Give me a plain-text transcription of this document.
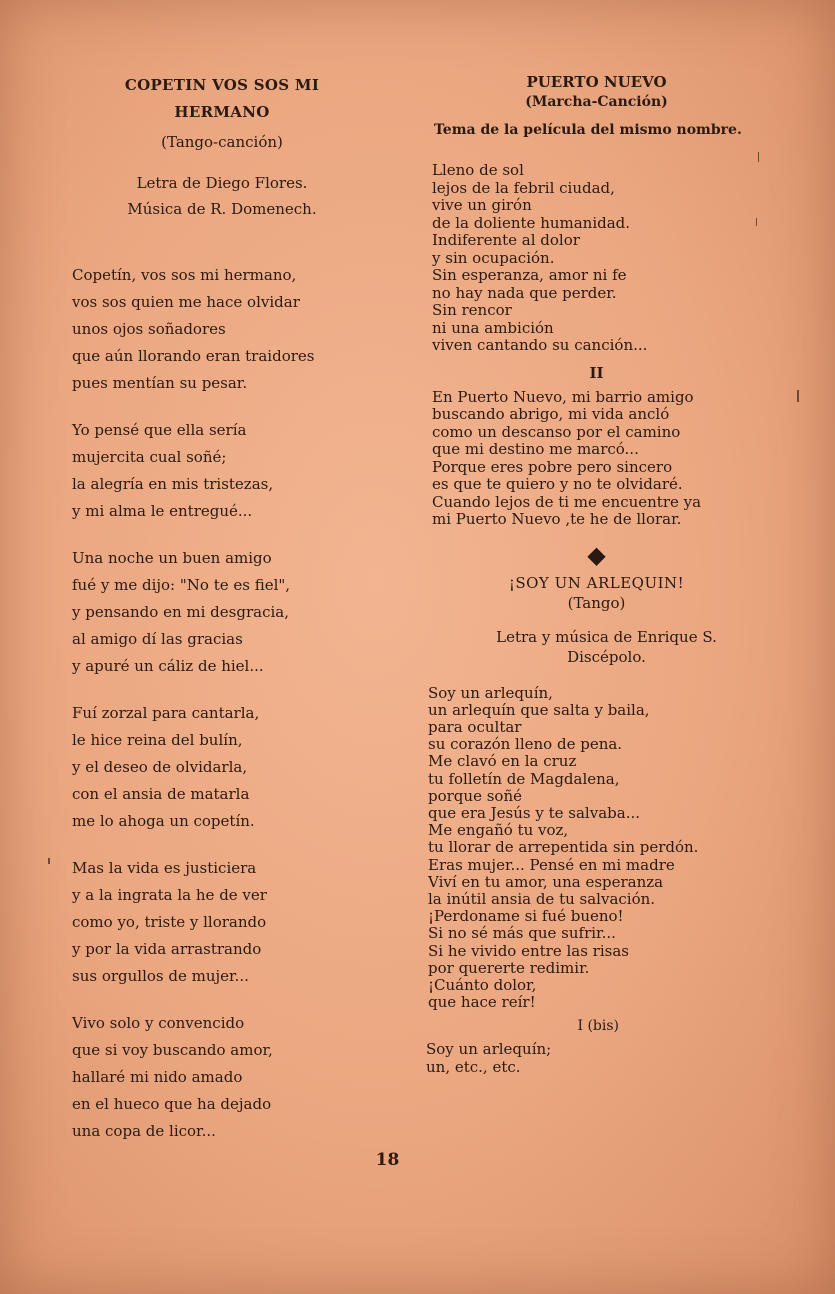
COPETIN VOS SOS MI
HERMANO
(Tango-canción)
Letra de Diego Flores.
Música de R. Domenech.
Copetín, vos sos mi hermano,
vos sos quien me hace olvidar
unos ojos soñadores
que aún llorando eran traidores
pues mentían su pesar.
Yo pensé que ella sería
mujercita cual soñé;
la alegría en mis tristezas,
y mi alma le entregué...
Una noche un buen amigo
fué y me dijo: "No te es fiel",
y pensando en mi desgracia,
al amigo dí las gracias
y apuré un cáliz de hiel...
Fuí zorzal para cantarla,
le hice reina del bulín,
y el deseo de olvidarla,
con el ansia de matarla
me lo ahoga un copetín.
Mas la vida es justiciera
y a la ingrata la he de ver
como yo, triste y llorando
y por la vida arrastrando
sus orgullos de mujer...
Vivo solo y convencido
que si voy buscando amor,
hallaré mi nido amado
en el hueco que ha dejado
una copa de licor...
PUERTO NUEVO
(Marcha-Canción)
Tema de la película del mismo nombre.
Lleno de sol
lejos de la febril ciudad,
vive un girón
de la doliente humanidad.
Indiferente al dolor
y sin ocupación.
Sin esperanza, amor ni fe
no hay nada que perder.
Sin rencor
ni una ambición
viven cantando su canción...
II
En Puerto Nuevo, mi barrio amigo
buscando abrigo, mi vida ancló
como un descanso por el camino
que mi destino me marcó...
Porque eres pobre pero sincero
es que te quiero y no te olvidaré.
Cuando lejos de ti me encuentre ya
mi Puerto Nuevo ,te he de llorar.
◆
¡SOY UN ARLEQUIN!
(Tango)
Letra y música de Enrique S.
Discépolo.
Soy un arlequín,
un arlequín que salta y baila,
para ocultar
su corazón lleno de pena.
Me clavó en la cruz
tu folletín de Magdalena,
porque soñé
que era Jesús y te salvaba...
Me engañó tu voz,
tu llorar de arrepentida sin perdón.
Eras mujer... Pensé en mi madre
Viví en tu amor, una esperanza
la inútil ansia de tu salvación.
¡Perdoname si fué bueno!
Si no sé más que sufrir...
Si he vivido entre las risas
por quererte redimir.
¡Cuánto dolor,
que hace reír!
I (bis)
Soy un arlequín;
un, etc., etc.
18
